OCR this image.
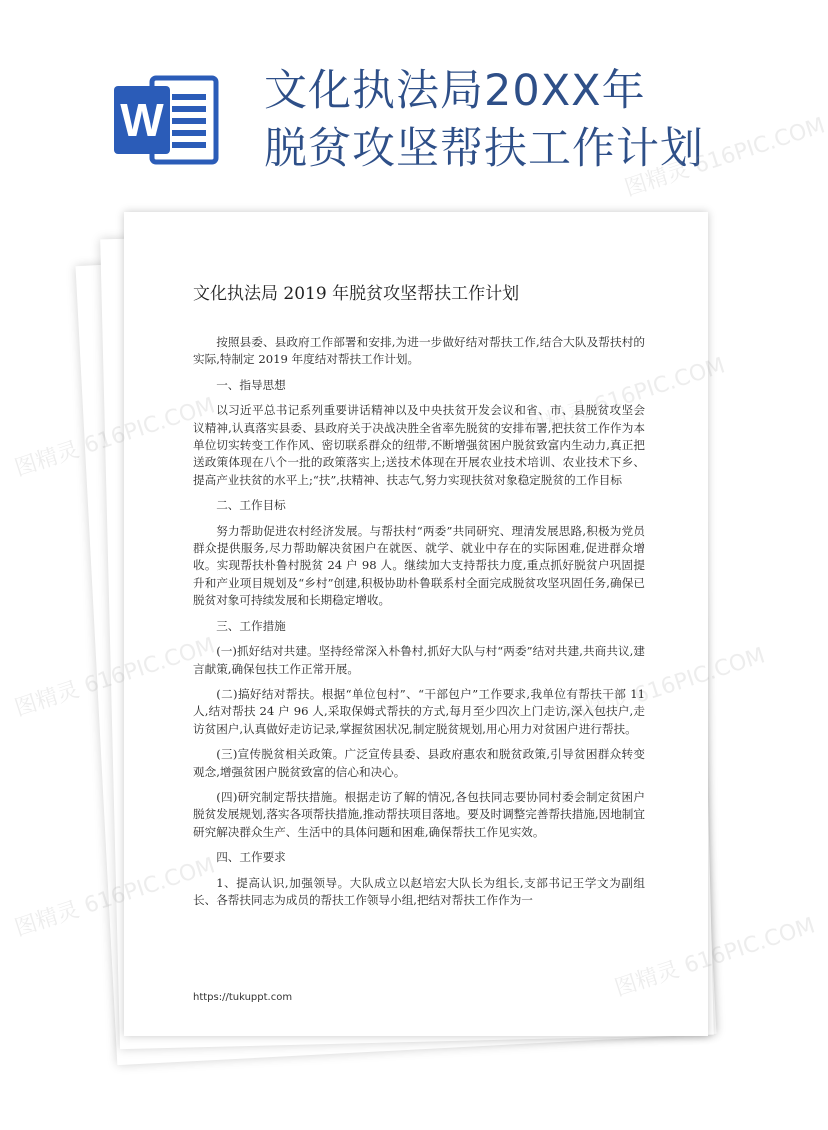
W
文化执法局20XX年
脱贫攻坚帮扶工作计划
文化执法局 2019 年脱贫攻坚帮扶工作计划

按照县委、县政府工作部署和安排,为进一步做好结对帮扶工作,结合大队及帮扶村的实际,特制定 2019 年度结对帮扶工作计划。

一、指导思想

以习近平总书记系列重要讲话精神以及中央扶贫开发会议和省、市、县脱贫攻坚会议精神,认真落实县委、县政府关于决战决胜全省率先脱贫的安排布署,把扶贫工作作为本单位切实转变工作作风、密切联系群众的纽带,不断增强贫困户脱贫致富内生动力,真正把送政策体现在八个一批的政策落实上;送技术体现在开展农业技术培训、农业技术下乡、提高产业扶贫的水平上;“扶”,扶精神、扶志气,努力实现扶贫对象稳定脱贫的工作目标

二、工作目标

努力帮助促进农村经济发展。与帮扶村“两委”共同研究、理清发展思路,积极为党员群众提供服务,尽力帮助解决贫困户在就医、就学、就业中存在的实际困难,促进群众增收。实现帮扶朴鲁村脱贫 24 户 98 人。继续加大支持帮扶力度,重点抓好脱贫户巩固提升和产业项目规划及“乡村”创建,积极协助朴鲁联系村全面完成脱贫攻坚巩固任务,确保已脱贫对象可持续发展和长期稳定增收。

三、工作措施

(一)抓好结对共建。坚持经常深入朴鲁村,抓好大队与村“两委”结对共建,共商共议,建言献策,确保包扶工作正常开展。

(二)搞好结对帮扶。根据“单位包村”、“干部包户”工作要求,我单位有帮扶干部 11 人,结对帮扶 24 户 96 人,采取保姆式帮扶的方式,每月至少四次上门走访,深入包扶户,走访贫困户,认真做好走访记录,掌握贫困状况,制定脱贫规划,用心用力对贫困户进行帮扶。

(三)宣传脱贫相关政策。广泛宣传县委、县政府惠农和脱贫政策,引导贫困群众转变观念,增强贫困户脱贫致富的信心和决心。

(四)研究制定帮扶措施。根据走访了解的情况,各包扶同志要协同村委会制定贫困户脱贫发展规划,落实各项帮扶措施,推动帮扶项目落地。要及时调整完善帮扶措施,因地制宜研究解决群众生产、生活中的具体问题和困难,确保帮扶工作见实效。

四、工作要求

1、提高认识,加强领导。大队成立以赵培宏大队长为组长,支部书记王学文为副组长、各帮扶同志为成员的帮扶工作领导小组,把结对帮扶工作作为一

https://tukuppt.com
图精灵 616PIC.COM
图精灵
图精灵
图精灵	图精灵 616PIC.COM
